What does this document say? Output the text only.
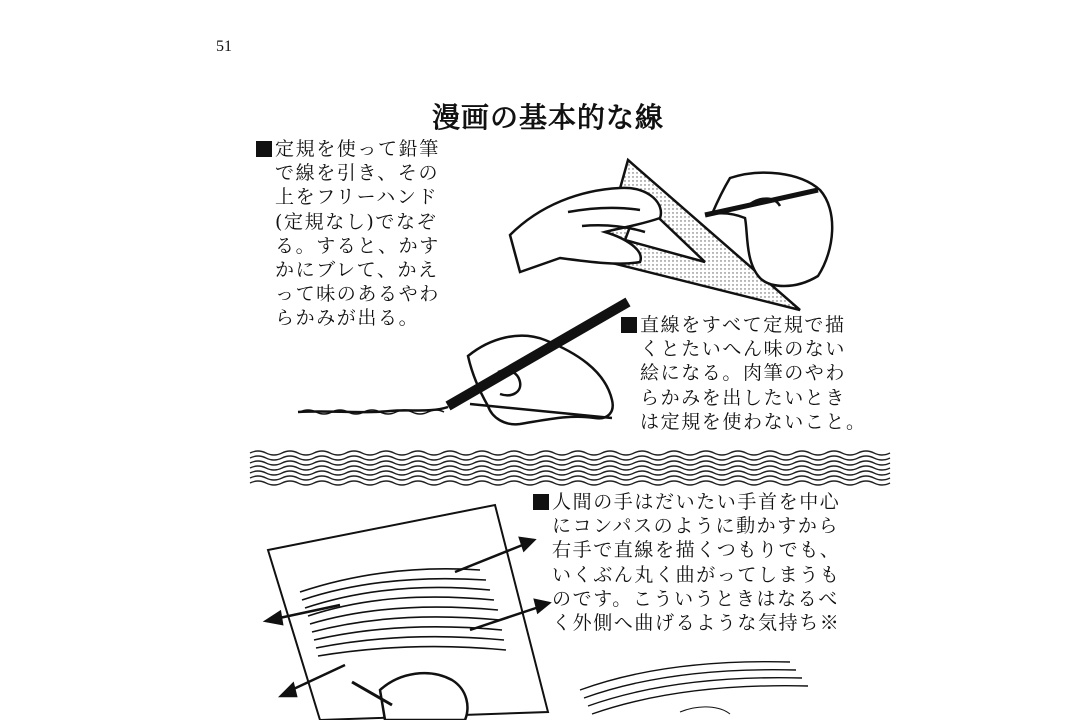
51
漫画の基本的な線
定規を使って鉛筆
で線を引き、その
上をフリーハンド
(定規なし)でなぞ
る。すると、かす
かにブレて、かえ
って味のあるやわ
らかみが出る。	直線をすべて定規で描
くとたいへん味のない
絵になる。肉筆のやわ
らかみを出したいとき
は定規を使わないこと。
人間の手はだいたい手首を中心
にコンパスのように動かすから
右手で直線を描くつもりでも、
いくぶん丸く曲がってしまうも
のです。こういうときはなるべ
く外側へ曲げるような気持ち※
